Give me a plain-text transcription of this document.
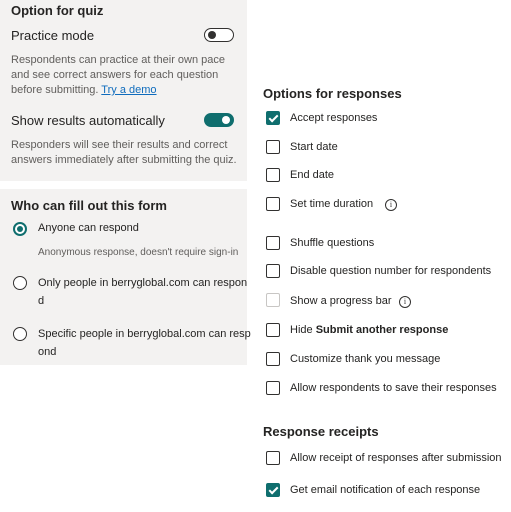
Option for quiz
Practice mode
Respondents can practice at their own pace and see correct answers for each question before submitting. Try a demo
Show results automatically
Responders will see their results and correct answers immediately after submitting the quiz.
Who can fill out this form
Anyone can respond
Anonymous response, doesn't require sign-in
Only people in berryglobal.com can respon
d
Specific people in berryglobal.com can resp
ond
Options for responses
Accept responses
Start date
End date
Set time duration	i
Shuffle questions
Disable question number for respondents
Show a progress bar	i
Hide Submit another response
Customize thank you message
Allow respondents to save their responses
Response receipts
Allow receipt of responses after submission
Get email notification of each response
